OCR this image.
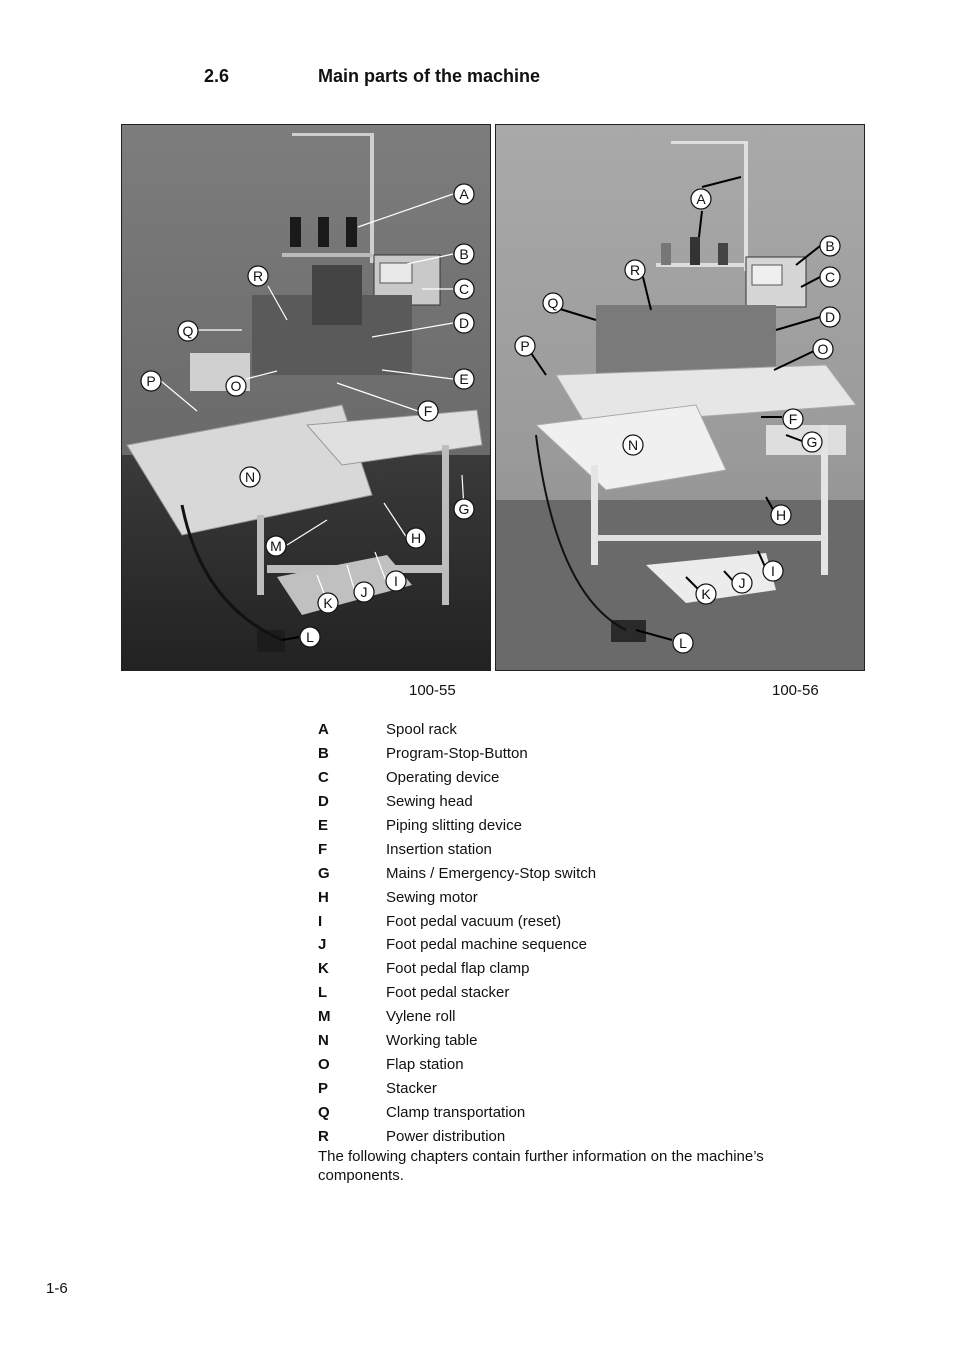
2.6	Main parts of the machine
A
B
C
D
E
F
G
H
I
J
K
L
M
N
O
P
Q
R
A
B
C
D
O
F
G
H
I
J
K
L
N
P
Q
R
100-55	100-56
A	Spool rack
B	Program-Stop-Button
C	Operating device
D	Sewing head
E	Piping slitting device
F	Insertion station
G	Mains / Emergency-Stop switch
H	Sewing motor
I	Foot pedal vacuum (reset)
J	Foot pedal machine sequence
K	Foot pedal flap clamp
L	Foot pedal stacker
M	Vylene roll
N	Working table
O	Flap station
P	Stacker
Q	Clamp transportation
R	Power distribution
The following chapters contain further information on the machine’s components.
1-6
